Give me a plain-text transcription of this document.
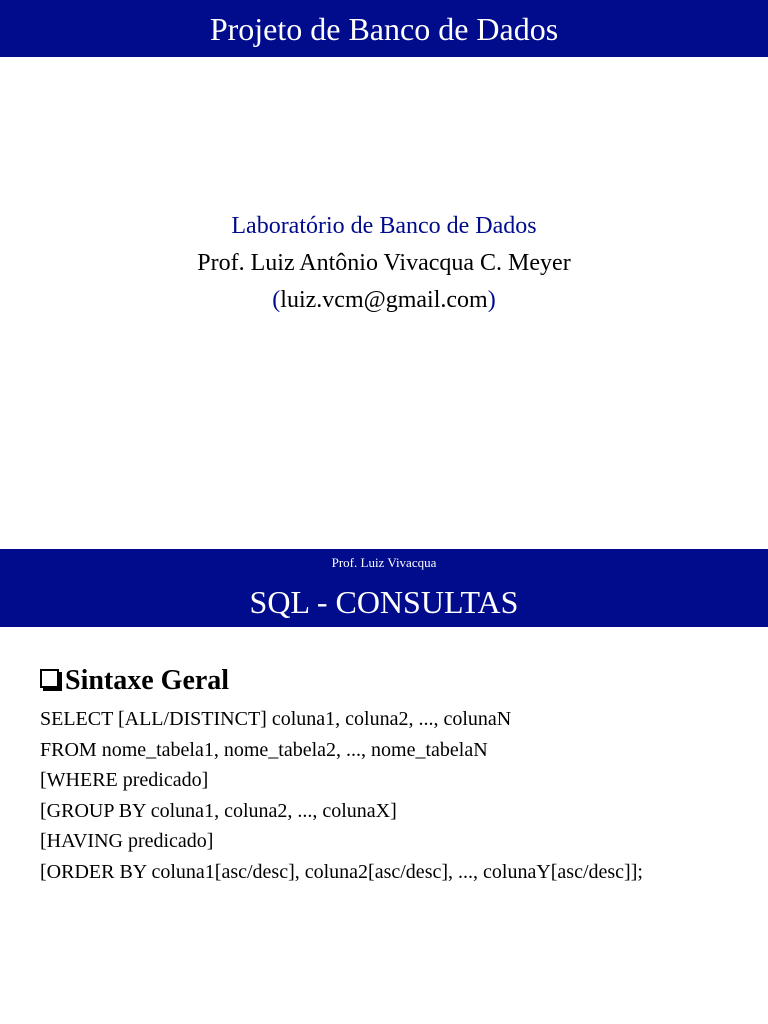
Projeto de Banco de Dados
Laboratório de Banco de Dados
Prof. Luiz Antônio Vivacqua C. Meyer
(luiz.vcm@gmail.com)
Prof. Luiz Vivacqua
SQL - CONSULTAS
Sintaxe Geral
SELECT [ALL/DISTINCT] coluna1, coluna2, ..., colunaN
FROM nome_tabela1, nome_tabela2, ..., nome_tabelaN
[WHERE predicado]
[GROUP BY coluna1, coluna2, ..., colunaX]
[HAVING predicado]
[ORDER BY coluna1[asc/desc], coluna2[asc/desc], ..., colunaY[asc/desc]];
